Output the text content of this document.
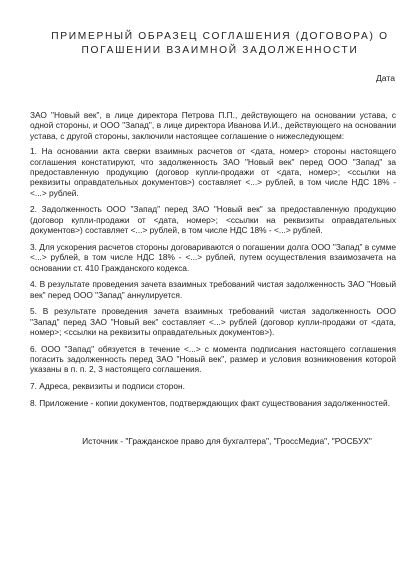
ПРИМЕРНЫЙ ОБРАЗЕЦ СОГЛАШЕНИЯ (ДОГОВОРА) О
ПОГАШЕНИИ ВЗАИМНОЙ ЗАДОЛЖЕННОСТИ
Дата

ЗАО "Новый век", в лице директора Петрова П.П., действующего на основании устава, с одной стороны, и ООО "Запад", в лице директора Иванова И.И., действующего на основании устава, с другой стороны, заключили настоящее соглашение о нижеследующем:

1. На основании акта сверки взаимных расчетов от <дата, номер> стороны настоящего соглашения констатируют, что задолженность ЗАО "Новый век" перед ООО "Запад" за предоставленную продукцию (договор купли-продажи от <дата, номер>; <ссылки на реквизиты оправдательных документов>) составляет <...> рублей, в том числе НДС 18% - <...> рублей.

2. Задолженность ООО "Запад" перед ЗАО "Новый век" за предоставленную продукцию (договор купли-продажи от <дата, номер>; <ссылки на реквизиты оправдательных документов>) составляет <...> рублей, в том числе НДС 18% - <...> рублей.

3. Для ускорения расчетов стороны договариваются о погашении долга ООО "Запад" в сумме <...> рублей, в том числе НДС 18% - <...> рублей, путем осуществления взаимозачета на основании ст. 410 Гражданского кодекса.

4. В результате проведения зачета взаимных требований чистая задолженность ЗАО "Новый век" перед ООО "Запад" аннулируется.

5. В результате проведения зачета взаимных требований чистая задолженность ООО "Запад" перед ЗАО "Новый век" составляет <...> рублей (договор купли-продажи от <дата, номер>; <ссылки на реквизиты оправдательных документов>).

6. ООО "Запад" обязуется в течение <...> с момента подписания настоящего соглашения погасить задолженность перед ЗАО "Новый век", размер и условия возникновения которой указаны в п. п. 2, 3 настоящего соглашения.

7. Адреса, реквизиты и подписи сторон.

8. Приложение - копии документов, подтверждающих факт существования задолженностей.

Источник - "Гражданское право для бухгалтера", "ГроссМедиа", "РОСБУХ"
